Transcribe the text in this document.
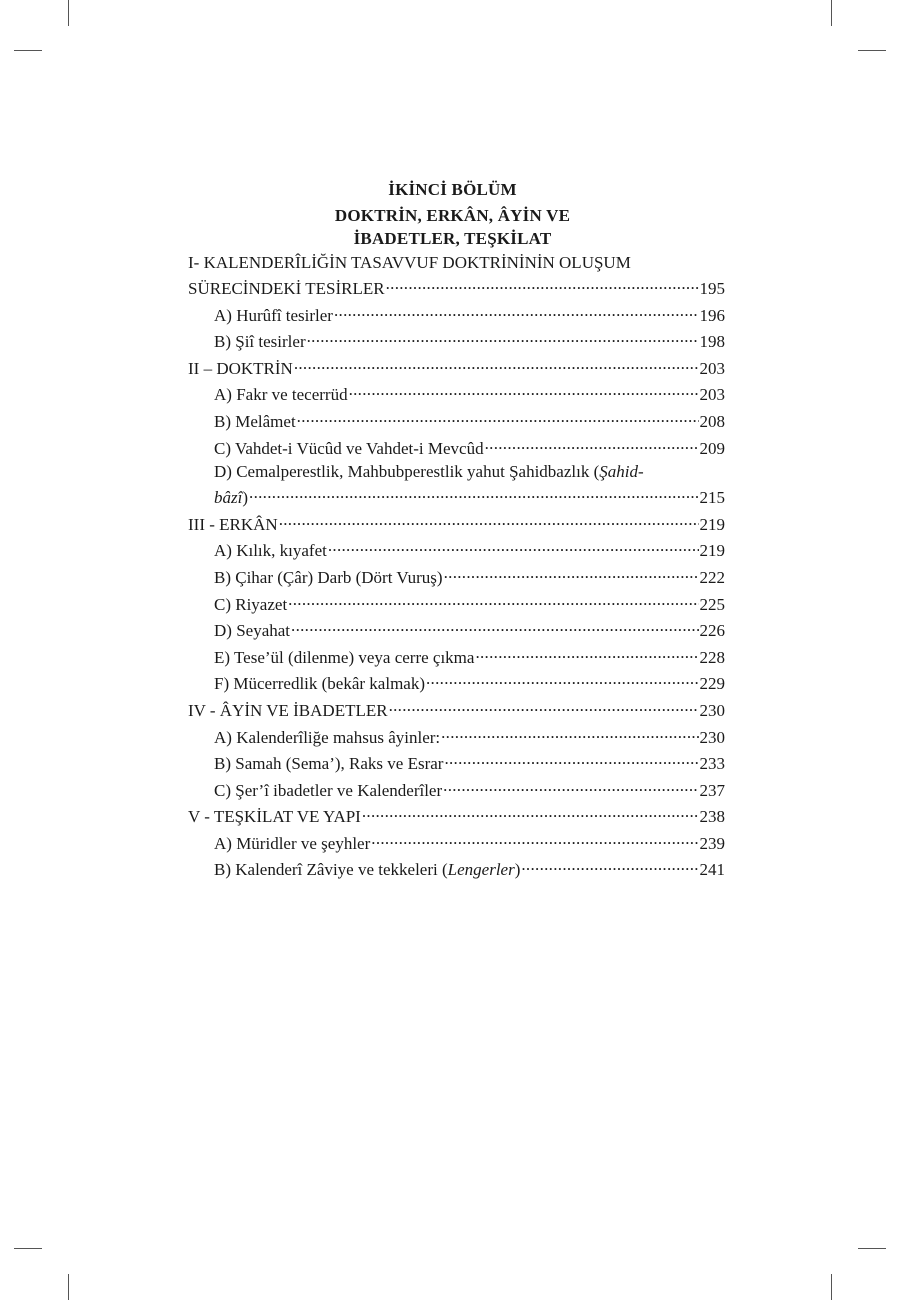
İKİNCİ BÖLÜM
DOKTRİN, ERKÂN, ÂYİN VE
İBADETLER, TEŞKİLAT
I- KALENDERÎLİĞİN TASAVVUF DOKTRİNİNİN OLUŞUM
SÜRECİNDEKİ TESİRLER .....	195
A) Hurûfî tesirler .....	196
B) Şiî tesirler .....	198
II – DOKTRİN .....	203
A) Fakr ve tecerrüd .....	203
B) Melâmet .....	208
C) Vahdet-i Vücûd ve Vahdet-i Mevcûd .....	209
D) Cemalperestlik, Mahbubperestlik yahut Şahidbazlık (Şahid-
bâzî) .....	215
III - ERKÂN .....	219
A) Kılık, kıyafet .....	219
B) Çihar (Çâr) Darb (Dört Vuruş) .....	222
C) Riyazet .....	225
D) Seyahat .....	226
E) Tese’ül (dilenme) veya cerre çıkma .....	228
F) Mücerredlik (bekâr kalmak) .....	229
IV - ÂYİN VE İBADETLER .....	230
A) Kalenderîliğe mahsus âyinler: .....	230
B) Samah (Sema’), Raks ve Esrar .....	233
C) Şer’î ibadetler ve Kalenderîler .....	237
V - TEŞKİLAT VE YAPI .....	238
A) Müridler ve şeyhler .....	239
B) Kalenderî Zâviye ve tekkeleri (Lengerler) .....	241
